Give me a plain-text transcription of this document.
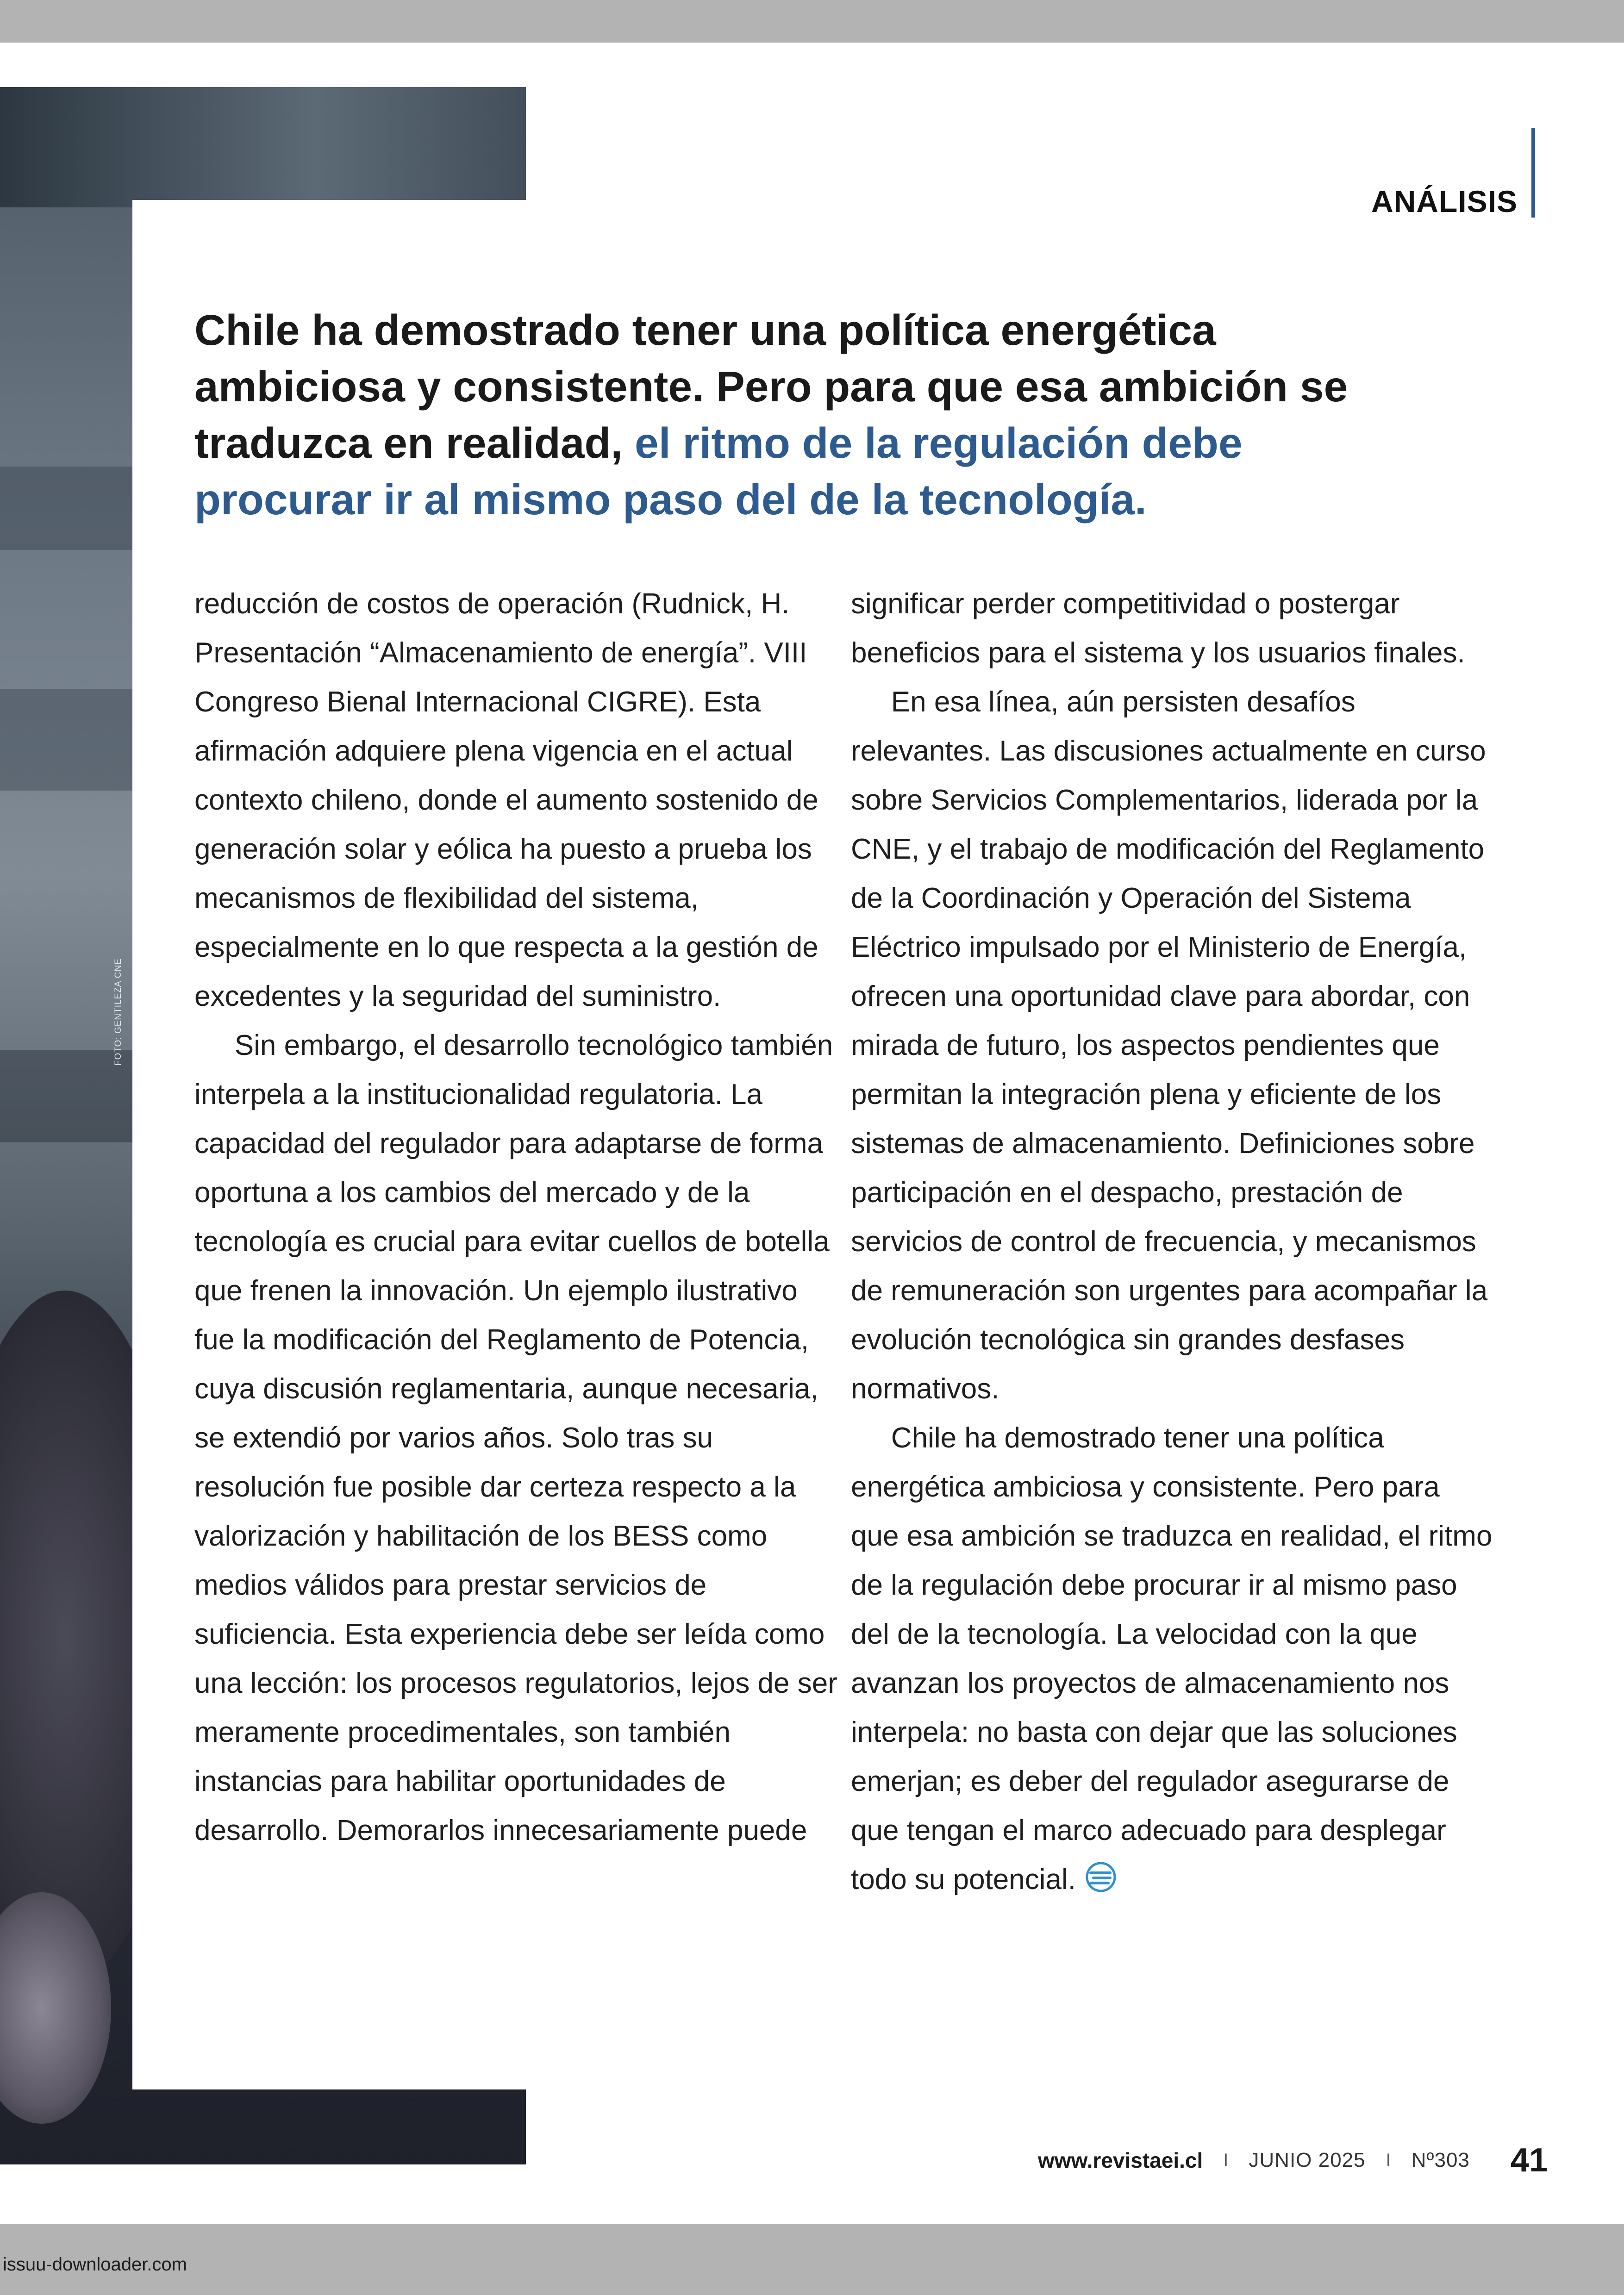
FOTO: GENTILEZA CNE
ANÁLISIS
Chile ha demostrado tener una política energética ambiciosa y consistente. Pero para que esa ambición se traduzca en realidad, el ritmo de la regulación debe procurar ir al mismo paso del de la tecnología.

reducción de costos de operación (Rudnick, H. Presentación “Almacenamiento de energía”. VIII Congreso Bienal Internacional CIGRE). Esta afirmación adquiere plena vigencia en el actual contexto chileno, donde el aumento sostenido de generación solar y eólica ha puesto a prueba los mecanismos de flexibilidad del sistema, especialmente en lo que respecta a la gestión de excedentes y la seguridad del suministro.

Sin embargo, el desarrollo tecnológico también interpela a la institucionalidad regulatoria. La capacidad del regulador para adaptarse de forma oportuna a los cambios del mercado y de la tecnología es crucial para evitar cuellos de botella que frenen la innovación. Un ejemplo ilustrativo fue la modificación del Reglamento de Potencia, cuya discusión reglamentaria, aunque necesaria, se extendió por varios años. Solo tras su resolución fue posible dar certeza respecto a la valorización y habilitación de los BESS como medios válidos para prestar servicios de suficiencia. Esta experiencia debe ser leída como una lección: los procesos regulatorios, lejos de ser meramente procedimentales, son también instancias para habilitar oportunidades de desarrollo. Demorarlos innecesariamente puede

significar perder competitividad o postergar beneficios para el sistema y los usuarios finales.

En esa línea, aún persisten desafíos relevantes. Las discusiones actualmente en curso sobre Servicios Complementarios, liderada por la CNE, y el trabajo de modificación del Reglamento de la Coordinación y Operación del Sistema Eléctrico impulsado por el Ministerio de Energía, ofrecen una oportunidad clave para abordar, con mirada de futuro, los aspectos pendientes que permitan la integración plena y eficiente de los sistemas de almacenamiento. Definiciones sobre participación en el despacho, prestación de servicios de control de frecuencia, y mecanismos de remuneración son urgentes para acompañar la evolución tecnológica sin grandes desfases normativos.

Chile ha demostrado tener una política energética ambiciosa y consistente. Pero para que esa ambición se traduzca en realidad, el ritmo de la regulación debe procurar ir al mismo paso del de la tecnología. La velocidad con la que avanzan los proyectos de almacenamiento nos interpela: no basta con dejar que las soluciones emerjan; es deber del regulador asegurarse de que tengan el marco adecuado para desplegar todo su potencial.

www.revistaei.cl I JUNIO 2025 I Nº303 41
issuu-downloader.com
